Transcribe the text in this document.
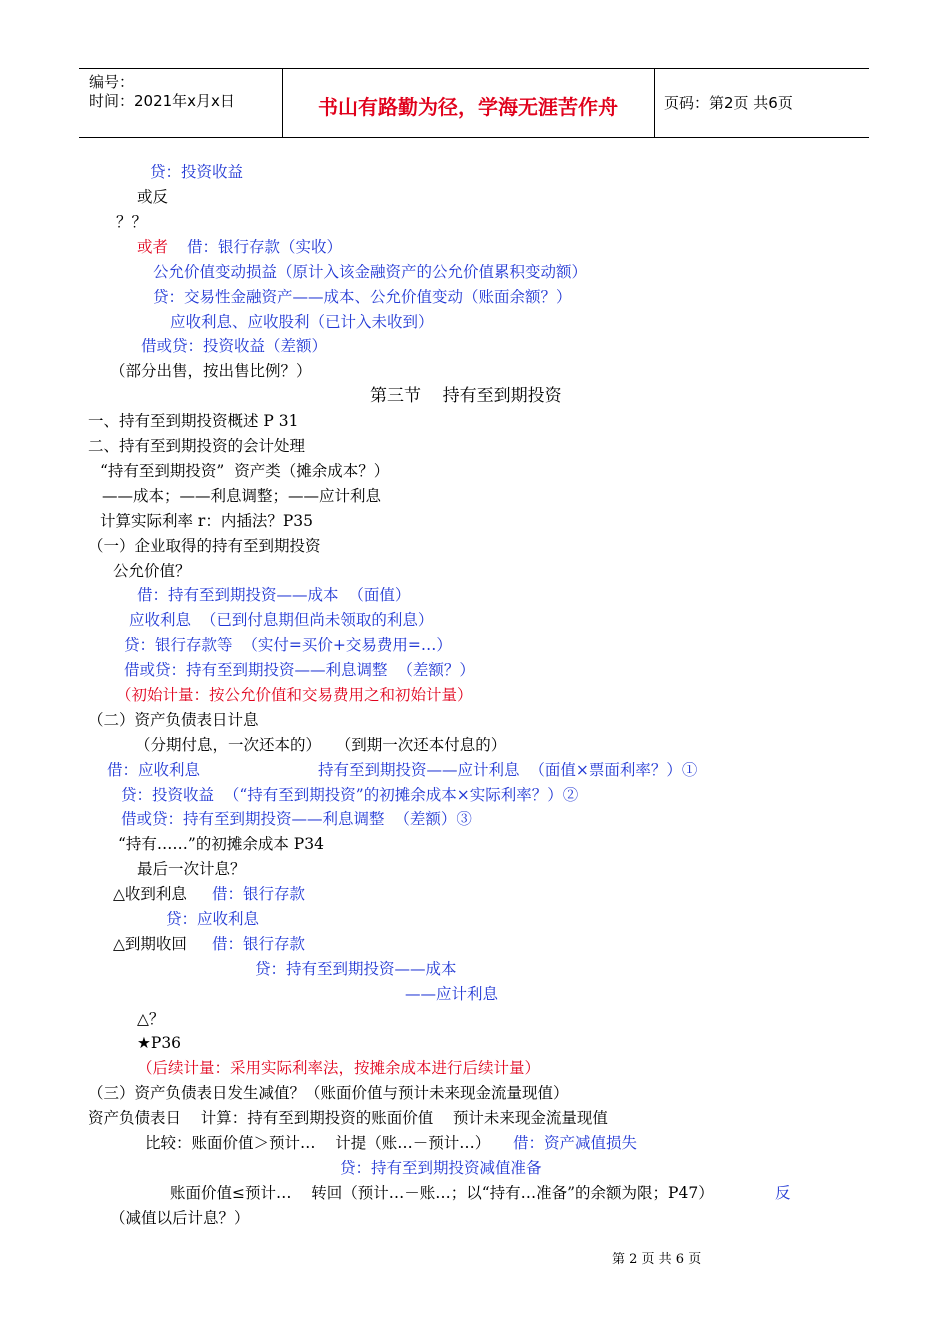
编号：
时间：2021年x月x日	书山有路勤为径，学海无涯苦作舟	页码：第2页 共6页
贷：投资收益
或反
？？
或者 借：银行存款（实收）
公允价值变动损益（原计入该金融资产的公允价值累积变动额）
贷：交易性金融资产——成本、公允价值变动（账面余额？）
应收利息、应收股利（已计入未收到）
借或贷：投资收益（差额）
（部分出售，按出售比例？）
第三节    持有至到期投资
一、持有至到期投资概述 P 31
二、持有至到期投资的会计处理
“持有至到期投资”  资产类（摊余成本？）
——成本；——利息调整；——应计利息
计算实际利率 r：内插法？P35
（一）企业取得的持有至到期投资
公允价值？
借：持有至到期投资——成本  （面值）
应收利息  （已到付息期但尚未领取的利息）
贷：银行存款等  （实付=买价+交易费用=…）
借或贷：持有至到期投资——利息调整  （差额？）
（初始计量：按公允价值和交易费用之和初始计量）
（二）资产负债表日计息
（分期付息，一次还本的）   （到期一次还本付息的）
借：应收利息	持有至到期投资——应计利息  （面值×票面利率？）①
贷：投资收益  （“持有至到期投资”的初摊余成本×实际利率？）②
借或贷：持有至到期投资——利息调整  （差额）③
“持有……”的初摊余成本 P34
最后一次计息？
△收到利息 借：银行存款
贷：应收利息
△到期收回 借：银行存款
贷：持有至到期投资——成本
——应计利息
△？
★P36
（后续计量：采用实际利率法，按摊余成本进行后续计量）
（三）资产负债表日发生减值？（账面价值与预计未来现金流量现值）
资产负债表日    计算：持有至到期投资的账面价值    预计未来现金流量现值
比较：账面价值＞预计…    计提（账…－预计…） 借：资产减值损失
贷：持有至到期投资减值准备
账面价值≤预计…    转回（预计…－账…；以“持有…准备”的余额为限；P47）	反
（减值以后计息？）
第 2 页 共 6 页
